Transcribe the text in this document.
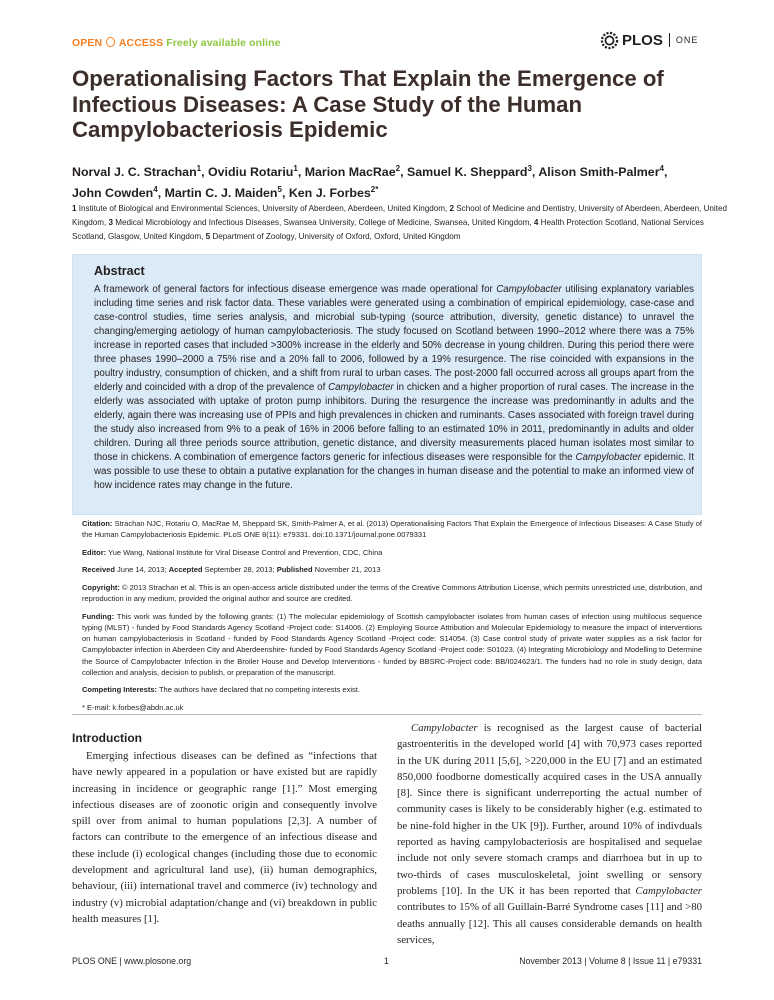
OPEN ACCESS Freely available online	PLOS ONE
Operationalising Factors That Explain the Emergence of Infectious Diseases: A Case Study of the Human Campylobacteriosis Epidemic
Norval J. C. Strachan$^1$, Ovidiu Rotariu$^1$, Marion MacRae$^2$, Samuel K. Sheppard$^3$, Alison Smith-Palmer$^4$,
John Cowden$^4$, Martin C. J. Maiden$^5$, Ken J. Forbes$^{2*}$
1 Institute of Biological and Environmental Sciences, University of Aberdeen, Aberdeen, United Kingdom, 2 School of Medicine and Dentistry, University of Aberdeen, Aberdeen, United Kingdom, 3 Medical Microbiology and Infectious Diseases, Swansea University, College of Medicine, Swansea, United Kingdom, 4 Health Protection Scotland, National Services Scotland, Glasgow, United Kingdom, 5 Department of Zoology, University of Oxford, Oxford, United Kingdom
Abstract

A framework of general factors for infectious disease emergence was made operational for Campylobacter utilising explanatory variables including time series and risk factor data. These variables were generated using a combination of empirical epidemiology, case-case and case-control studies, time series analysis, and microbial sub-typing (source attribution, diversity, genetic distance) to unravel the changing/emerging aetiology of human campylobacteriosis. The study focused on Scotland between 1990–2012 where there was a 75% increase in reported cases that included >300% increase in the elderly and 50% decrease in young children. During this period there were three phases 1990–2000 a 75% rise and a 20% fall to 2006, followed by a 19% resurgence. The rise coincided with expansions in the poultry industry, consumption of chicken, and a shift from rural to urban cases. The post-2000 fall occurred across all groups apart from the elderly and coincided with a drop of the prevalence of Campylobacter in chicken and a higher proportion of rural cases. The increase in the elderly was associated with uptake of proton pump inhibitors. During the resurgence the increase was predominantly in adults and the elderly, again there was increasing use of PPIs and high prevalences in chicken and ruminants. Cases associated with foreign travel during the study also increased from 9% to a peak of 16% in 2006 before falling to an estimated 10% in 2011, predominantly in adults and older children. During all three periods source attribution, genetic distance, and diversity measurements placed human isolates most similar to those in chickens. A combination of emergence factors generic for infectious diseases were responsible for the Campylobacter epidemic. It was possible to use these to obtain a putative explanation for the changes in human disease and the potential to make an informed view of how incidence rates may change in the future.

Citation: Strachan NJC, Rotariu O, MacRae M, Sheppard SK, Smith-Palmer A, et al. (2013) Operationalising Factors That Explain the Emergence of Infectious Diseases: A Case Study of the Human Campylobacteriosis Epidemic. PLoS ONE 8(11): e79331. doi:10.1371/journal.pone.0079331

Editor: Yue Wang, National Institute for Viral Disease Control and Prevention, CDC, China

Received June 14, 2013; Accepted September 28, 2013; Published November 21, 2013

Copyright: © 2013 Strachan et al. This is an open-access article distributed under the terms of the Creative Commons Attribution License, which permits unrestricted use, distribution, and reproduction in any medium, provided the original author and source are credited.

Funding: This work was funded by the following grants: (1) The molecular epidemiology of Scottish campylobacter isolates from human cases of infection using multilocus sequence typing (MLST) - funded by Food Standards Agency Scotland -Project code: S14006. (2) Employing Source Attribution and Molecular Epidemiology to measure the impact of interventions on human campylobacteriosis in Scotland - funded by Food Standards Agency Scotland -Project code: S14054. (3) Case control study of private water supplies as a risk factor for Campylobacter infection in Aberdeen City and Aberdeenshire- funded by Food Standards Agency Scotland -Project code: S01023. (4) Integrating Microbiology and Modelling to Determine the Source of Campylobacter Infection in the Broiler House and Develop Interventions - funded by BBSRC-Project code: BB/I024623/1. The funders had no role in study design, data collection and analysis, decision to publish, or preparation of the manuscript.

Competing Interests: The authors have declared that no competing interests exist.

* E-mail: k.forbes@abdn.ac.uk

Introduction
Emerging infectious diseases can be defined as “infections that have newly appeared in a population or have existed but are rapidly increasing in incidence or geographic range [1].” Most emerging infectious diseases are of zoonotic origin and consequently involve spill over from animal to human populations [2,3]. A number of factors can contribute to the emergence of an infectious disease and these include (i) ecological changes (including those due to economic development and agricultural land use), (ii) human demographics, behaviour, (iii) international travel and commerce (iv) technology and industry (v) microbial adaptation/change and (vi) breakdown in public health measures [1].
Campylobacter is recognised as the largest cause of bacterial gastroenteritis in the developed world [4] with 70,973 cases reported in the UK during 2011 [5,6], >220,000 in the EU [7] and an estimated 850,000 foodborne domestically acquired cases in the USA annually [8]. Since there is significant underreporting the actual number of community cases is likely to be considerably higher (e.g. estimated to be nine-fold higher in the UK [9]). Further, around 10% of indivduals reported as having campylobacteriosis are hospitalised and sequelae include not only severe stomach cramps and diarrhoea but in up to two-thirds of cases musculoskeletal, joint swelling or sensory problems [10]. In the UK it has been reported that Campylobacter contributes to 15% of all Guillain-Barré Syndrome cases [11] and >80 deaths annually [12]. This all causes considerable demands on health services,
PLOS ONE | www.plosone.org	1	November 2013 | Volume 8 | Issue 11 | e79331
